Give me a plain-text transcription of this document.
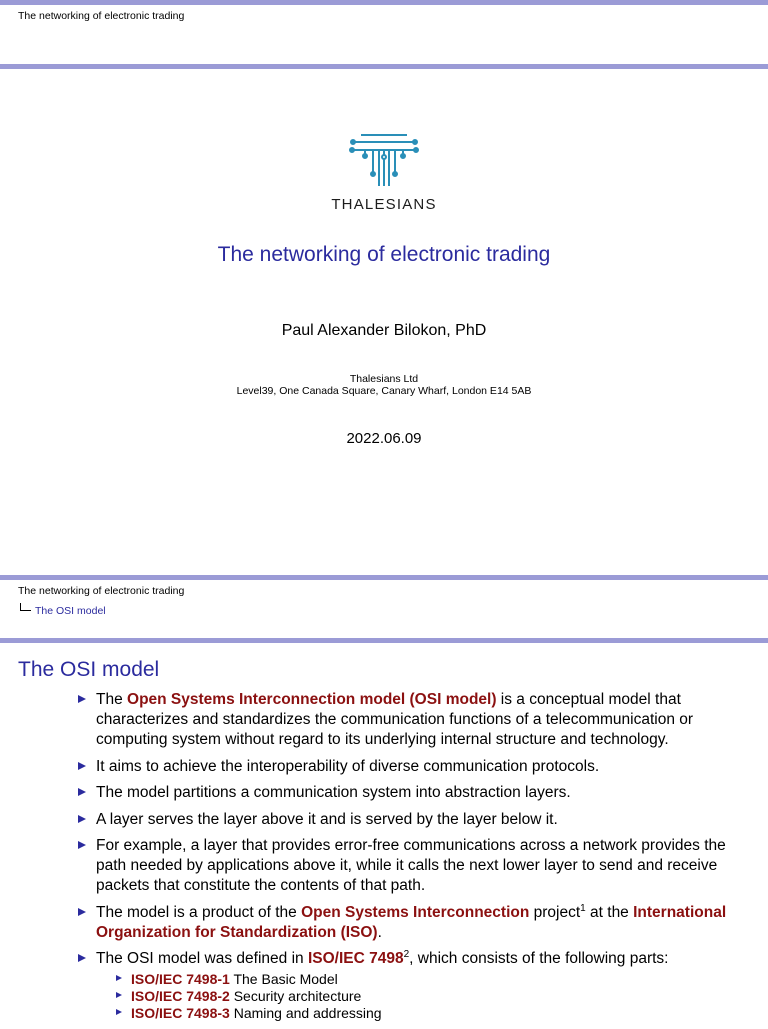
The networking of electronic trading
THALESIANS
The networking of electronic trading
Paul Alexander Bilokon, PhD
Thalesians Ltd
Level39, One Canada Square, Canary Wharf, London E14 5AB
2022.06.09
The networking of electronic trading
The OSI model
The OSI model
The Open Systems Interconnection model (OSI model) is a conceptual model that characterizes and standardizes the communication functions of a telecommunication or computing system without regard to its underlying internal structure and technology.
It aims to achieve the interoperability of diverse communication protocols.
The model partitions a communication system into abstraction layers.
A layer serves the layer above it and is served by the layer below it.
For example, a layer that provides error-free communications across a network provides the path needed by applications above it, while it calls the next lower layer to send and receive packets that constitute the contents of that path.
The model is a product of the Open Systems Interconnection project$^1$ at the International Organization for Standardization (ISO).
The OSI model was defined in ISO/IEC 7498$^2$, which consists of the following parts:
ISO/IEC 7498-1 The Basic Model
ISO/IEC 7498-2 Security architecture
ISO/IEC 7498-3 Naming and addressing
